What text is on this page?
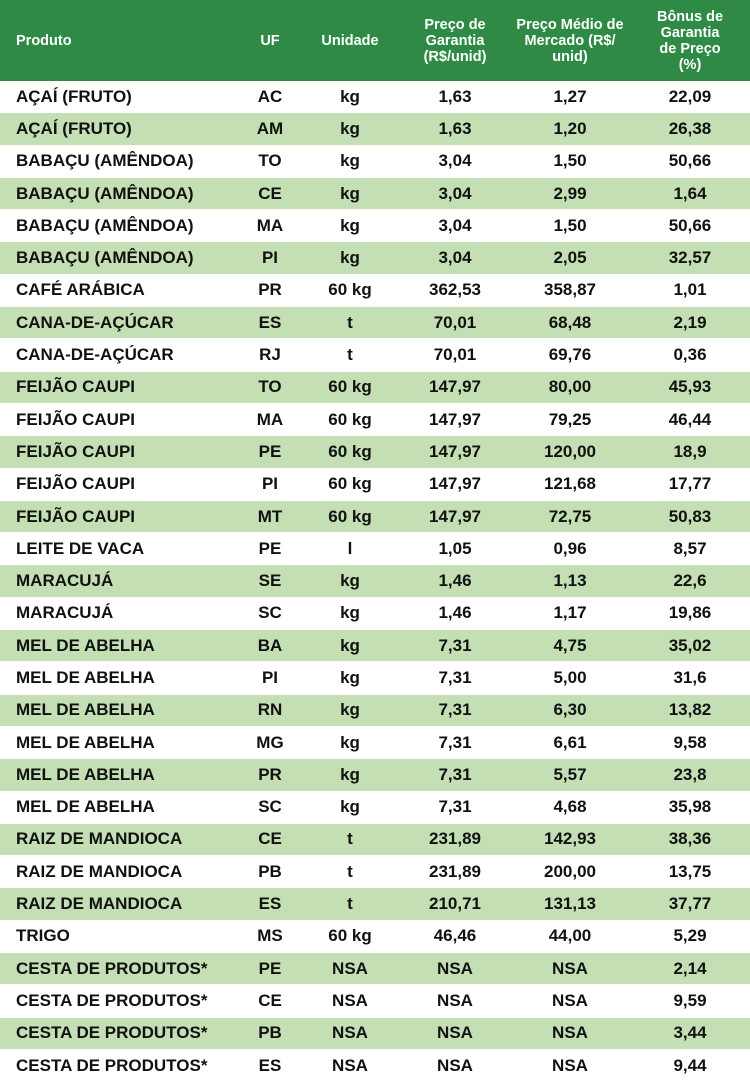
Produto	UF	Unidade	Preço de
Garantia
(R$/unid)	Preço Médio de
Mercado (R$/
unid)	Bônus de
Garantia
de Preço
(%)
AÇAÍ (FRUTO)	AC	kg	1,63	1,27	22,09
AÇAÍ (FRUTO)	AM	kg	1,63	1,20	26,38
BABAÇU (AMÊNDOA)	TO	kg	3,04	1,50	50,66
BABAÇU (AMÊNDOA)	CE	kg	3,04	2,99	1,64
BABAÇU (AMÊNDOA)	MA	kg	3,04	1,50	50,66
BABAÇU (AMÊNDOA)	PI	kg	3,04	2,05	32,57
CAFÉ ARÁBICA	PR	60 kg	362,53	358,87	1,01
CANA-DE-AÇÚCAR	ES	t	70,01	68,48	2,19
CANA-DE-AÇÚCAR	RJ	t	70,01	69,76	0,36
FEIJÃO CAUPI	TO	60 kg	147,97	80,00	45,93
FEIJÃO CAUPI	MA	60 kg	147,97	79,25	46,44
FEIJÃO CAUPI	PE	60 kg	147,97	120,00	18,9
FEIJÃO CAUPI	PI	60 kg	147,97	121,68	17,77
FEIJÃO CAUPI	MT	60 kg	147,97	72,75	50,83
LEITE DE VACA	PE	l	1,05	0,96	8,57
MARACUJÁ	SE	kg	1,46	1,13	22,6
MARACUJÁ	SC	kg	1,46	1,17	19,86
MEL DE ABELHA	BA	kg	7,31	4,75	35,02
MEL DE ABELHA	PI	kg	7,31	5,00	31,6
MEL DE ABELHA	RN	kg	7,31	6,30	13,82
MEL DE ABELHA	MG	kg	7,31	6,61	9,58
MEL DE ABELHA	PR	kg	7,31	5,57	23,8
MEL DE ABELHA	SC	kg	7,31	4,68	35,98
RAIZ DE MANDIOCA	CE	t	231,89	142,93	38,36
RAIZ DE MANDIOCA	PB	t	231,89	200,00	13,75
RAIZ DE MANDIOCA	ES	t	210,71	131,13	37,77
TRIGO	MS	60 kg	46,46	44,00	5,29
CESTA DE PRODUTOS*	PE	NSA	NSA	NSA	2,14
CESTA DE PRODUTOS*	CE	NSA	NSA	NSA	9,59
CESTA DE PRODUTOS*	PB	NSA	NSA	NSA	3,44
CESTA DE PRODUTOS*	ES	NSA	NSA	NSA	9,44
